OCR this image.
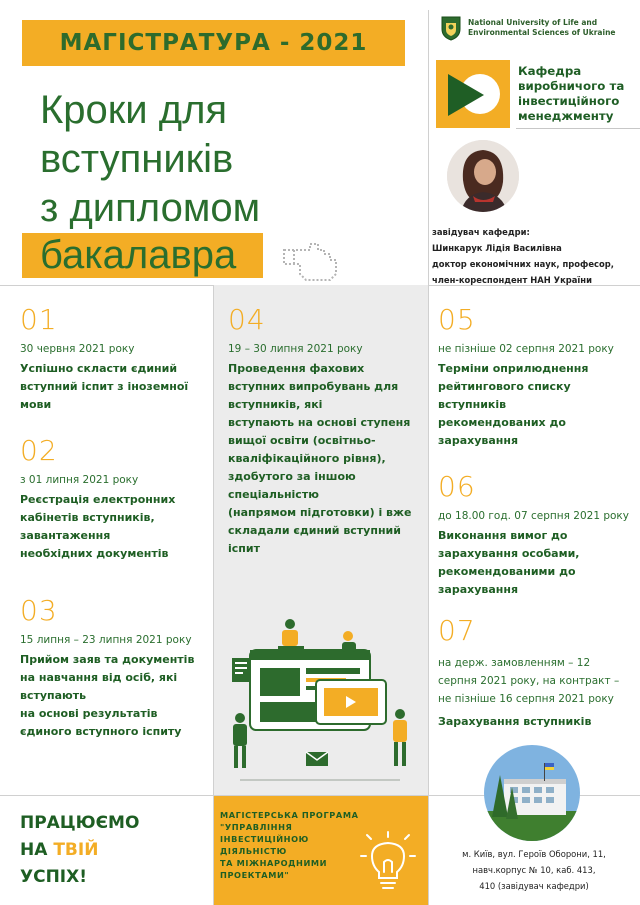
МАГІСТРАТУРА - 2021
Кроки для
вступників
з дипломом
бакалавра
National University of Life and Environmental Sciences of Ukraine
Кафедра
виробничого та
інвестиційного
менеджменту
завідувач кафедри:
Шинкарук Лідія Василівна
доктор економічних наук, професор,
член-кореспондент НАН України
01
30 червня 2021 року
Успішно скласти єдиний
вступний іспит з іноземної
мови
02
з 01 липня 2021 року
Реєстрація електронних
кабінетів вступників,
завантаження
необхідних документів
03
15 липня – 23 липня 2021 року
Прийом заяв та документів
на навчання від осіб, які
вступають
на основі результатів
єдиного вступного іспиту
04
19 – 30 липня 2021 року
Проведення фахових
вступних випробувань для
вступників, які
вступають на основі ступеня
вищої освіти (освітньо-
кваліфікаційного рівня),
здобутого за іншою
спеціальністю
(напрямом підготовки) і вже
складали єдиний вступний
іспит
05
не пізніше 02 серпня 2021 року
Терміни оприлюднення
рейтингового списку
вступників
рекомендованих до
зарахування
06
до 18.00 год. 07 серпня 2021 року
Виконання вимог до
зарахування особами,
рекомендованими до
зарахування
07
на держ. замовленням – 12
серпня 2021 року, на контракт –
не пізніше 16 серпня 2021 року
Зарахування вступників
ПРАЦЮЄМО
НА ТВІЙ
УСПІХ!
МАГІСТЕРСЬКА ПРОГРАМА
"УПРАВЛІННЯ
ІНВЕСТИЦІЙНОЮ
ДІЯЛЬНІСТЮ
ТА МІЖНАРОДНИМИ
ПРОЕКТАМИ"
м. Київ, вул. Героїв Оборони, 11,
навч.корпус № 10, каб. 413,
410 (завідувач кафедри)
